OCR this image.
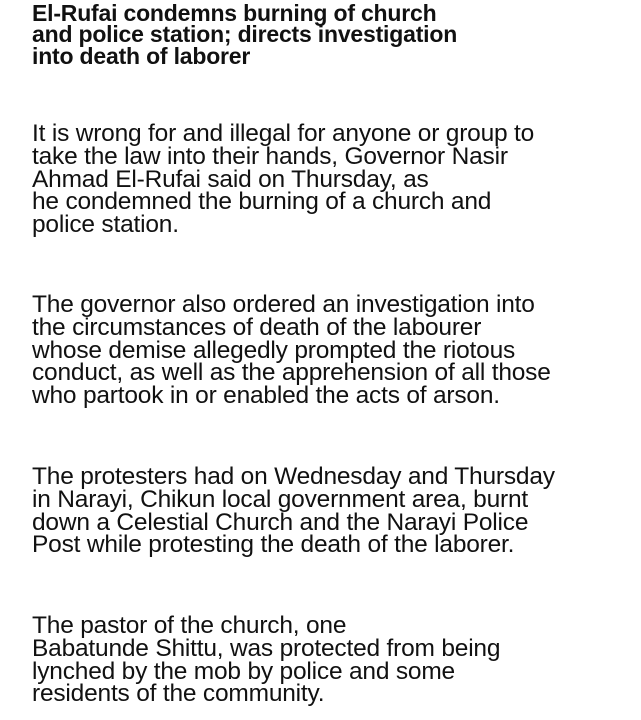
El-Rufai condemns burning of church
and police station; directs investigation
into death of laborer

It is wrong for and illegal for anyone or group to
take the law into their hands, Governor Nasir
Ahmad El-Rufai said on Thursday, as
he condemned the burning of a church and
police station.

The governor also ordered an investigation into
the circumstances of death of the labourer
whose demise allegedly prompted the riotous
conduct, as well as the apprehension of all those
who partook in or enabled the acts of arson.

The protesters had on Wednesday and Thursday
in Narayi, Chikun local government area, burnt
down a Celestial Church and the Narayi Police
Post while protesting the death of the laborer.

The pastor of the church, one
Babatunde Shittu, was protected from being
lynched by the mob by police and some
residents of the community.
